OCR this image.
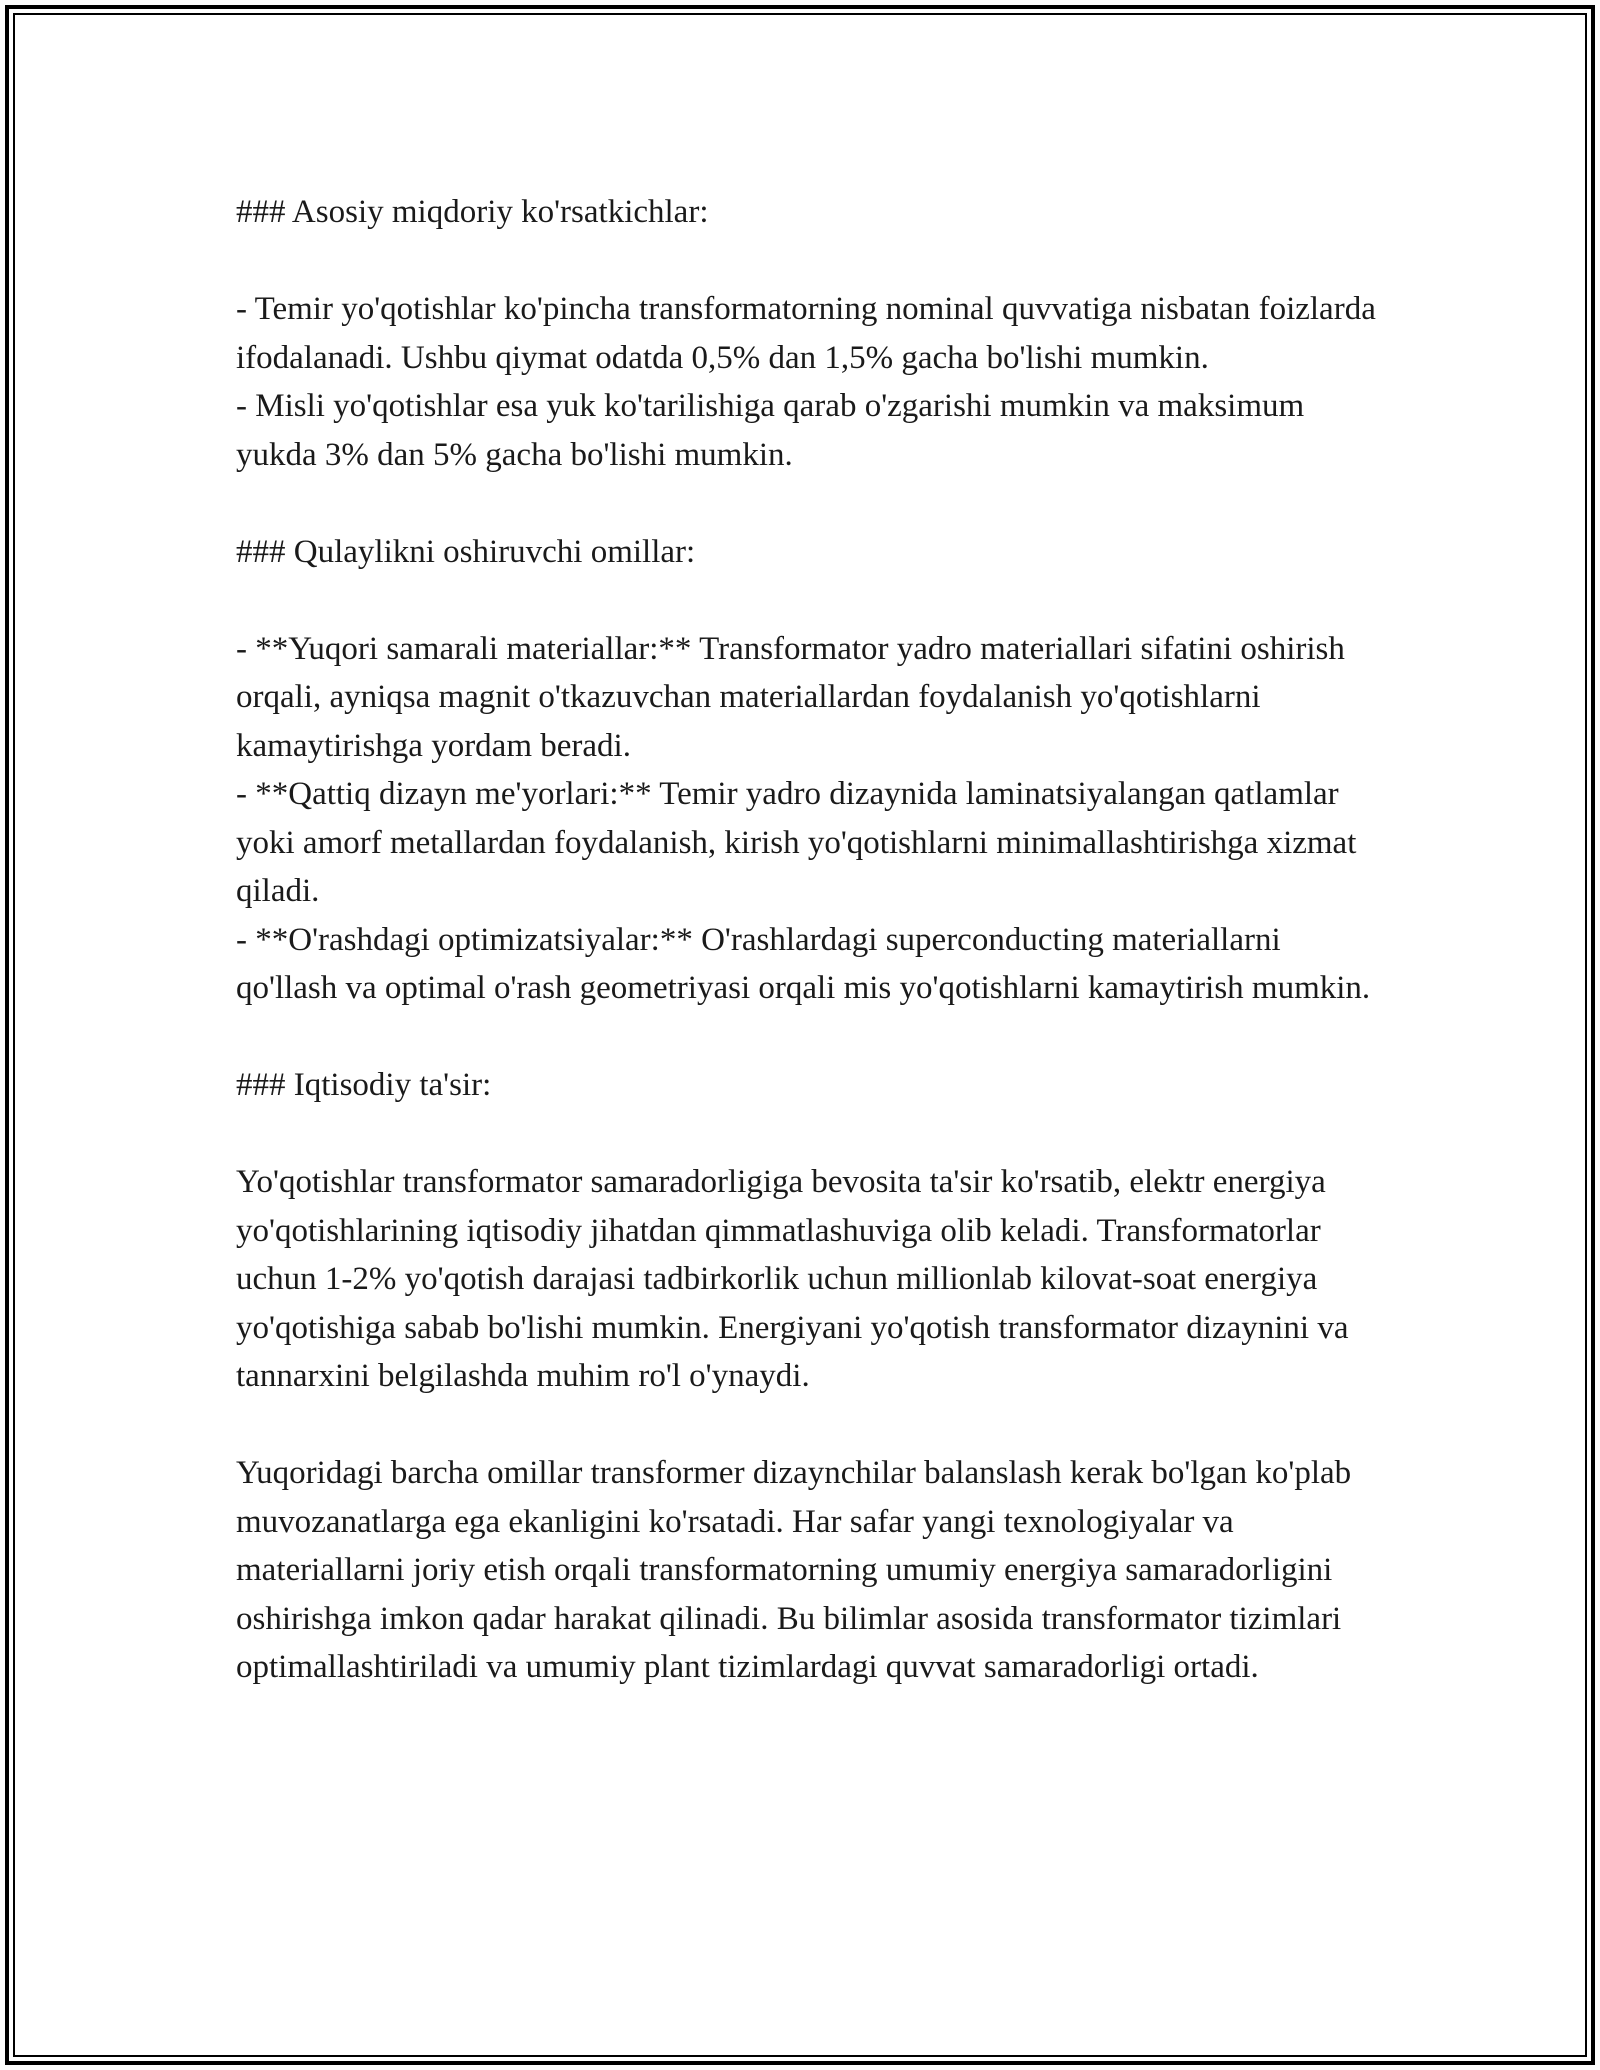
### Asosiy miqdoriy ko'rsatkichlar:

- Temir yo'qotishlar ko'pincha transformatorning nominal quvvatiga nisbatan foizlarda ifodalanadi. Ushbu qiymat odatda 0,5% dan 1,5% gacha bo'lishi mumkin.

- Misli yo'qotishlar esa yuk ko'tarilishiga qarab o'zgarishi mumkin va maksimum yukda 3% dan 5% gacha bo'lishi mumkin.

### Qulaylikni oshiruvchi omillar:

- **Yuqori samarali materiallar:** Transformator yadro materiallari sifatini oshirish orqali, ayniqsa magnit o'tkazuvchan materiallardan foydalanish yo'qotishlarni kamaytirishga yordam beradi.

- **Qattiq dizayn me'yorlari:** Temir yadro dizaynida laminatsiyalangan qatlamlar yoki amorf metallardan foydalanish, kirish yo'qotishlarni minimallashtirishga xizmat qiladi.

- **O'rashdagi optimizatsiyalar:** O'rashlardagi superconducting materiallarni qo'llash va optimal o'rash geometriyasi orqali mis yo'qotishlarni kamaytirish mumkin.

### Iqtisodiy ta'sir:

Yo'qotishlar transformator samaradorligiga bevosita ta'sir ko'rsatib, elektr energiya yo'qotishlarining iqtisodiy jihatdan qimmatlashuviga olib keladi. Transformatorlar uchun 1-2% yo'qotish darajasi tadbirkorlik uchun millionlab kilovat-soat energiya yo'qotishiga sabab bo'lishi mumkin. Energiyani yo'qotish transformator dizaynini va tannarxini belgilashda muhim ro'l o'ynaydi.

Yuqoridagi barcha omillar transformer dizaynchilar balanslash kerak bo'lgan ko'plab muvozanatlarga ega ekanligini ko'rsatadi. Har safar yangi texnologiyalar va materiallarni joriy etish orqali transformatorning umumiy energiya samaradorligini oshirishga imkon qadar harakat qilinadi. Bu bilimlar asosida transformator tizimlari optimallashtiriladi va umumiy plant tizimlardagi quvvat samaradorligi ortadi.
